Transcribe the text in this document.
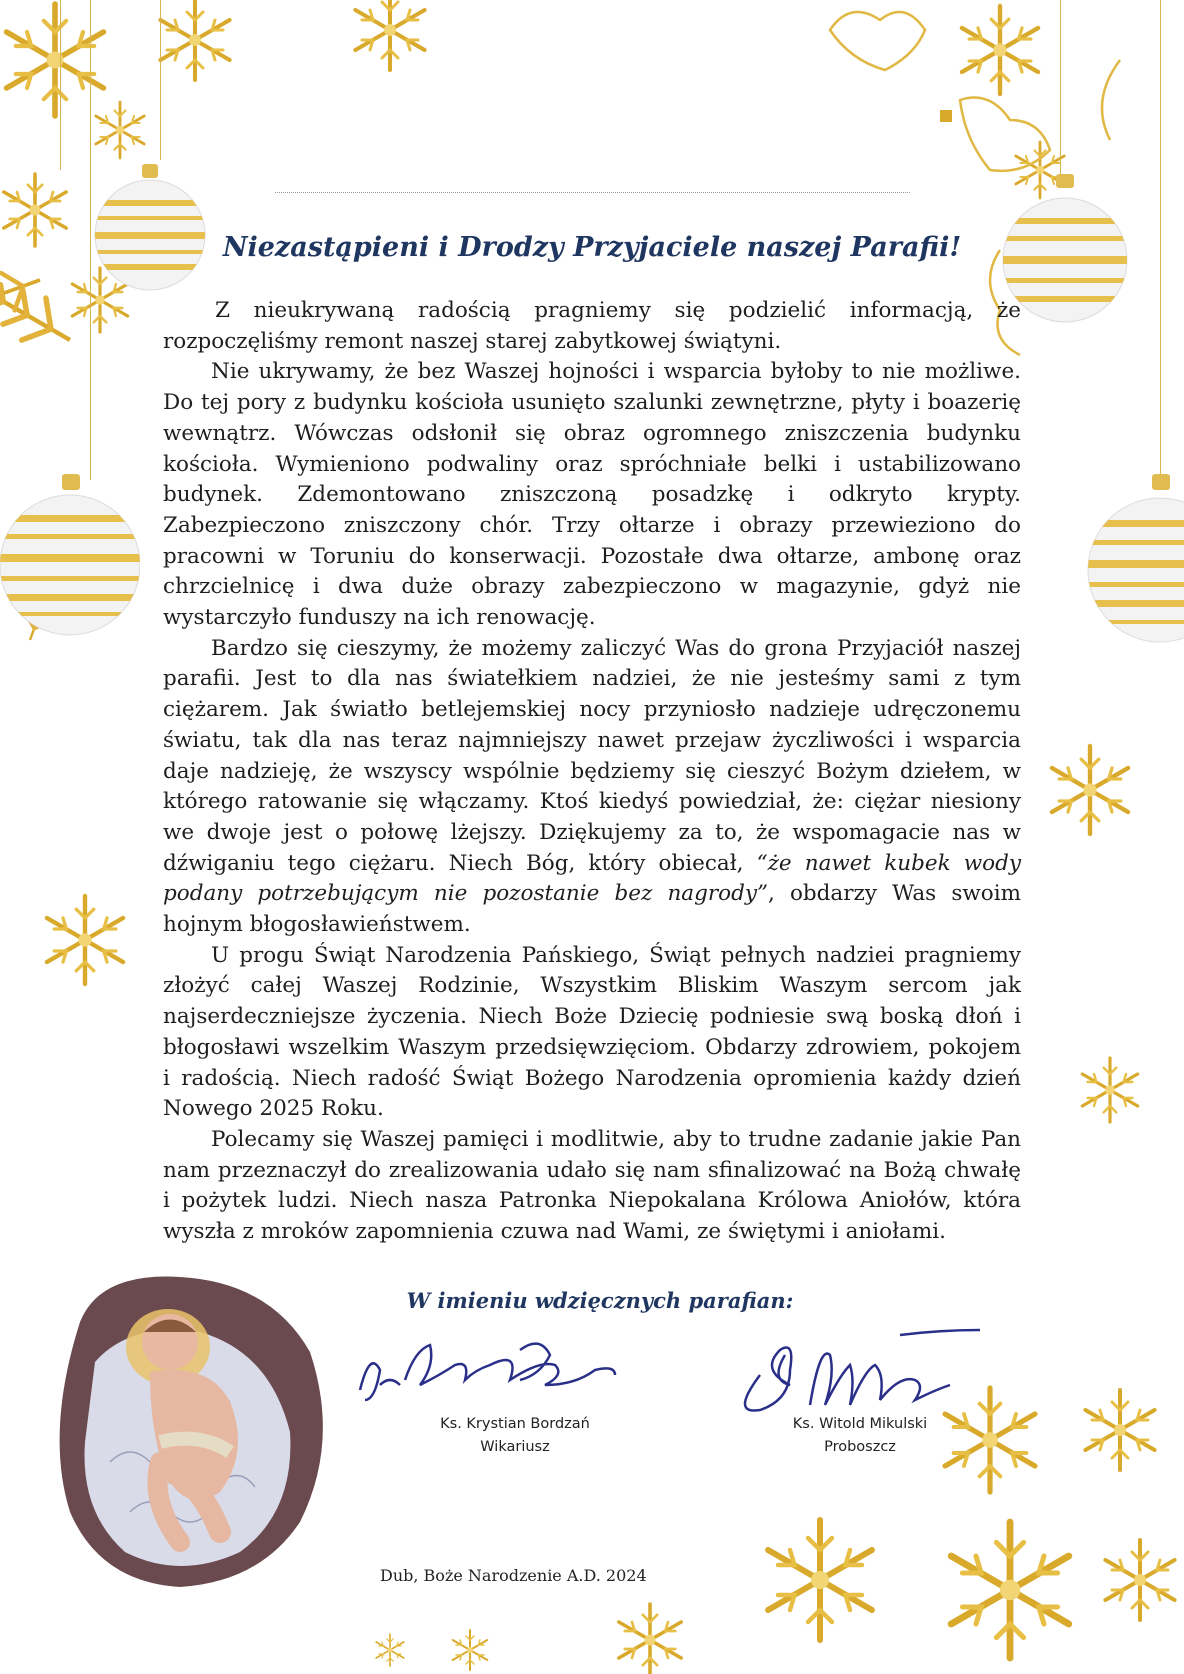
Niezastąpieni i Drodzy Przyjaciele naszej Parafii!

Z nieukrywaną radością pragniemy się podzielić informacją, że rozpoczęliśmy remont naszej starej zabytkowej świątyni.

Nie ukrywamy, że bez Waszej hojności i wsparcia byłoby to nie możliwe. Do tej pory z budynku kościoła usunięto szalunki zewnętrzne, płyty i boazerię wewnątrz. Wówczas odsłonił się obraz ogromnego zniszczenia budynku kościoła. Wymieniono podwaliny oraz spróchniałe belki i ustabilizowano budynek. Zdemontowano zniszczoną posadzkę i odkryto krypty. Zabezpieczono zniszczony chór. Trzy ołtarze i obrazy przewieziono do pracowni w Toruniu do konserwacji. Pozostałe dwa ołtarze, ambonę oraz chrzcielnicę i dwa duże obrazy zabezpieczono w magazynie, gdyż nie wystarczyło funduszy na ich renowację.

Bardzo się cieszymy, że możemy zaliczyć Was do grona Przyjaciół naszej parafii. Jest to dla nas światełkiem nadziei, że nie jesteśmy sami z tym ciężarem. Jak światło betlejemskiej nocy przyniosło nadzieje udręczonemu światu, tak dla nas teraz najmniejszy nawet przejaw życzliwości i wsparcia daje nadzieję, że wszyscy wspólnie będziemy się cieszyć Bożym dziełem, w którego ratowanie się włączamy. Ktoś kiedyś powiedział, że: ciężar niesiony we dwoje jest o połowę lżejszy. Dziękujemy za to, że wspomagacie nas w dźwiganiu tego ciężaru. Niech Bóg, który obiecał, “że nawet kubek wody podany potrzebującym nie pozostanie bez nagrody”, obdarzy Was swoim hojnym błogosławieństwem.

U progu Świąt Narodzenia Pańskiego, Świąt pełnych nadziei pragniemy złożyć całej Waszej Rodzinie, Wszystkim Bliskim Waszym sercom jak najserdeczniejsze życzenia. Niech Boże Dziecię podniesie swą boską dłoń i błogosławi wszelkim Waszym przedsięwzięciom. Obdarzy zdrowiem, pokojem i radością. Niech radość Świąt Bożego Narodzenia opromienia każdy dzień Nowego 2025 Roku.

Polecamy się Waszej pamięci i modlitwie, aby to trudne zadanie jakie Pan nam przeznaczył do zrealizowania udało się nam sfinalizować na Bożą chwałę i pożytek ludzi. Niech nasza Patronka Niepokalana Królowa Aniołów, która wyszła z mroków zapomnienia czuwa nad Wami, ze świętymi i aniołami.

W imieniu wdzięcznych parafian:
Ks. Krystian Bordzań
Wikariusz
Ks. Witold Mikulski
Proboszcz
Dub, Boże Narodzenie A.D. 2024
